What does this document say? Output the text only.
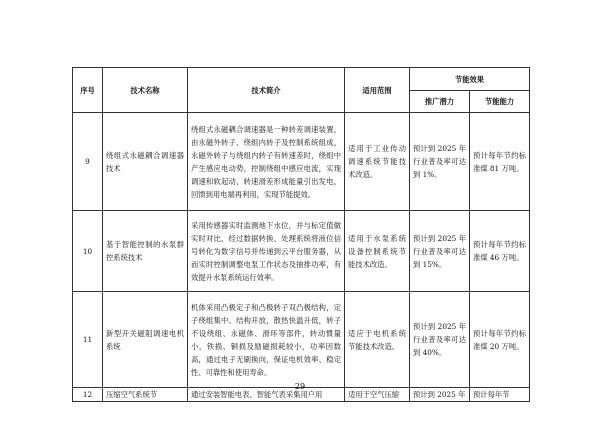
序号	技术名称	技术简介	适用范围	节能效果	
				推广潜力	节能能力
9	绕组式永磁耦合调速器技术	绕组式永磁耦合调速器是一种转差调速装置，由永磁外转子、绕组内转子及控制系统组成，永磁外转子与绕组内转子有转速差时，绕组中产生感应电动势，控制绕组中感应电流，实现调速和软起动，转速滑差形成能量引出发电，回馈到用电端再利用，实现节能提效。	适用于工业传动调速系统节能技术改造。	预计到 2025 年行业普及率可达到 1%。	预计每年节约标准煤 81 万吨。
10	基于智能控制的水泵群控系统技术	采用传感器实时监测地下水位，并与标定值做实时对比，经过数据转换、处理系统将液位信号转化为数字信号并传递到云平台服务器，从而实时控制调整电泵工作状态及抽排功率，有效提升水泵系统运行效率。	适用于水泵系统设备控制系统节能技术改造。	预计到 2025 年行业普及率可达到 15%。	预计每年节约标准煤 46 万吨。
11	新型开关磁阻调速电机系统	机体采用凸极定子和凸极转子双凸极结构，定子绕组集中、结构开放，散热快温升低，转子不设绕组、永磁体、滑环等部件，转动惯量小，铁损、铜损及励磁损耗较小，功率因数高，通过电子无刷换向，保证电机效率、稳定性、可靠性和使用寿命。	适应于电机系统节能技术改造。	预计到 2025 年行业普及率可达到 40%。	预计每年节约标准煤 20 万吨。
12	压缩空气系统节	通过安装智能电表、智能气表采集用户用	适用于空气压缩	预计到 2025 年	预计每年节
29
